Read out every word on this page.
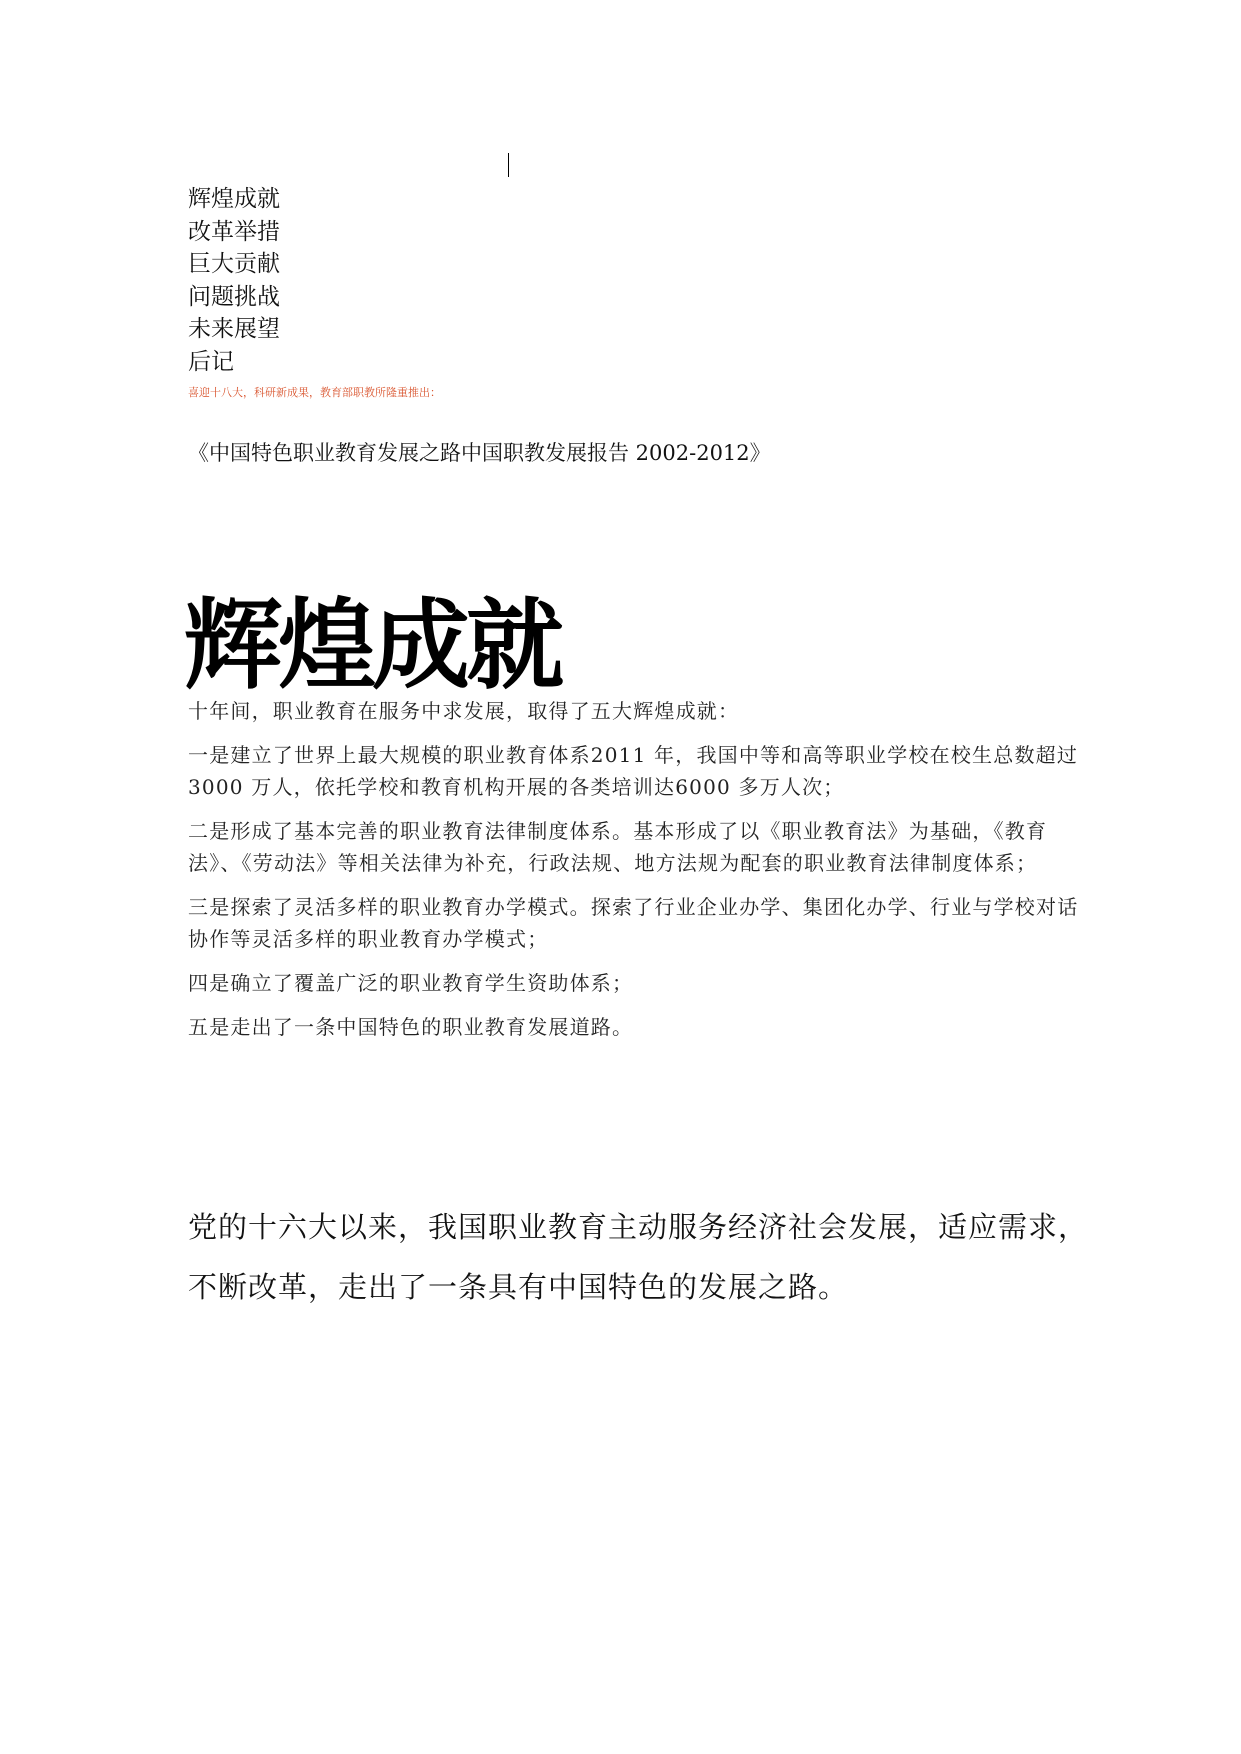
辉煌成就
改革举措
巨大贡献
问题挑战
未来展望
后记
喜迎十八大，科研新成果，教育部职教所隆重推出：
《中国特色职业教育发展之路中国职教发展报告 2002-2012》
辉煌成就

十年间，职业教育在服务中求发展，取得了五大辉煌成就：

一是建立了世界上最大规模的职业教育体系2011 年，我国中等和高等职业学校在校生总数超过3000 万人，依托学校和教育机构开展的各类培训达6000 多万人次；

二是形成了基本完善的职业教育法律制度体系。基本形成了以《职业教育法》为基础，《教育法》、《劳动法》等相关法律为补充，行政法规、地方法规为配套的职业教育法律制度体系；

三是探索了灵活多样的职业教育办学模式。探索了行业企业办学、集团化办学、行业与学校对话协作等灵活多样的职业教育办学模式；

四是确立了覆盖广泛的职业教育学生资助体系；

五是走出了一条中国特色的职业教育发展道路。

党的十六大以来，我国职业教育主动服务经济社会发展，适应需求，不断改革，走出了一条具有中国特色的发展之路。
